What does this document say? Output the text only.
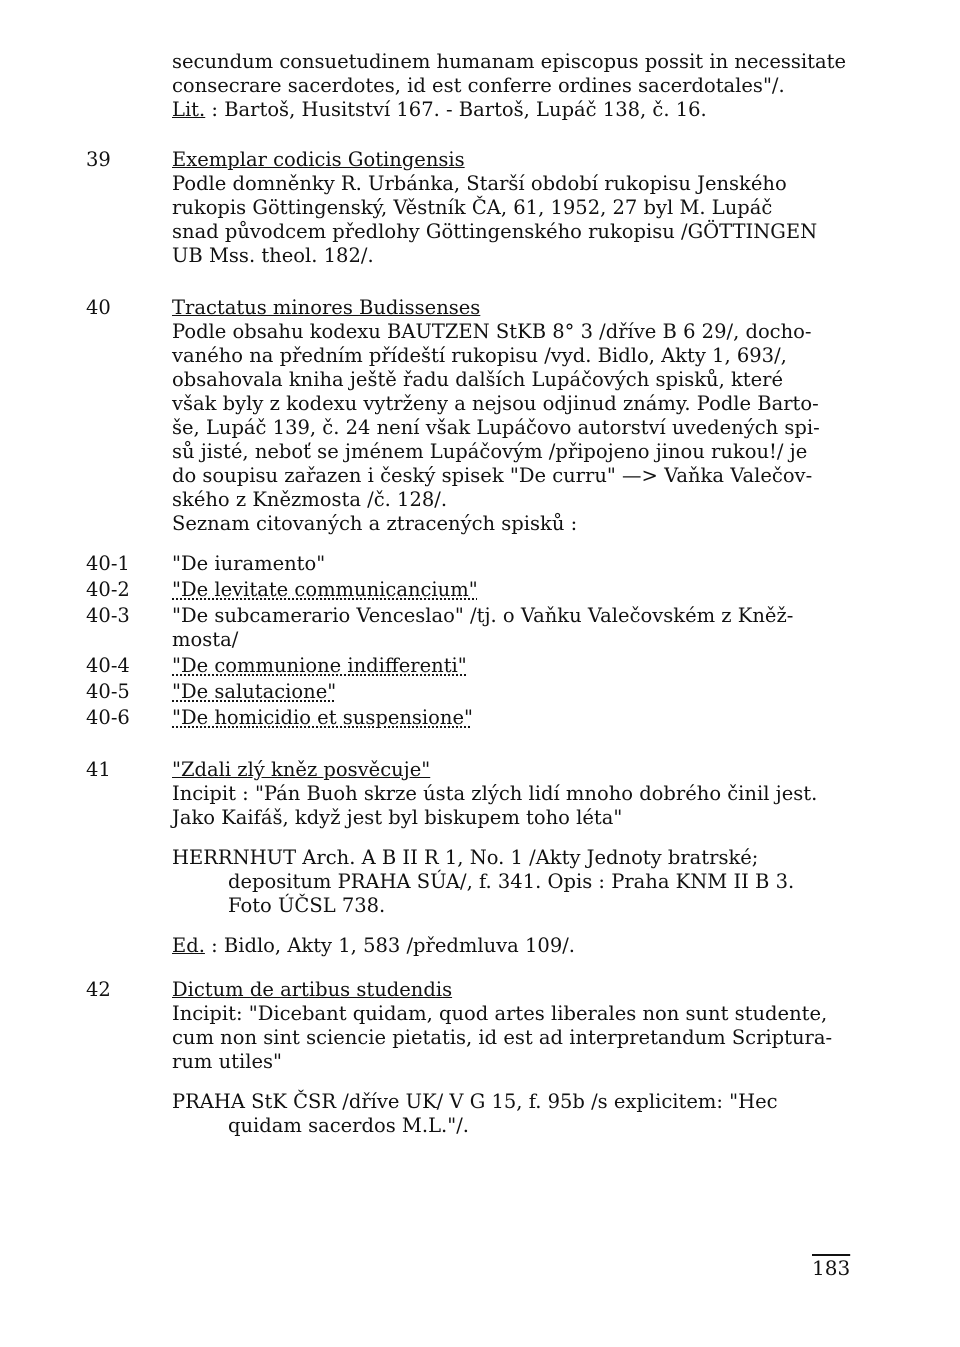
secundum consuetudinem humanam episcopus possit in necessitate
consecrare sacerdotes, id est conferre ordines sacerdotales"/.
Lit. : Bartoš, Husitství 167. - Bartoš, Lupáč 138, č. 16.
39	Exemplar codicis Gotingensis
Podle domněnky R. Urbánka, Starší období rukopisu Jenského
rukopis Göttingenský, Věstník ČA, 61, 1952, 27 byl M. Lupáč
snad původcem předlohy Göttingenského rukopisu /GÖTTINGEN
UB Mss. theol. 182/.
40	Tractatus minores Budissenses
Podle obsahu kodexu BAUTZEN StKB 8° 3 /dříve B 6 29/, docho-
vaného na předním přídeští rukopisu /vyd. Bidlo, Akty 1, 693/,
obsahovala kniha ještě řadu dalších Lupáčových spisků, které
však byly z kodexu vytrženy a nejsou odjinud známy. Podle Barto-
še, Lupáč 139, č. 24 není však Lupáčovo autorství uvedených spi-
sů jisté, neboť se jménem Lupáčovým /připojeno jinou rukou!/ je
do soupisu zařazen i český spisek "De curru" —> Vaňka Valečov-
ského z Knězmosta /č. 128/.
Seznam citovaných a ztracených spisků :
40-1 "De iuramento"
40-2 "De levitate communicancium"
40-3 "De subcamerario Venceslao" /tj. o Vaňku Valečovském z Kněž-
mosta/
40-4 "De communione indifferenti"
40-5 "De salutacione"
40-6 "De homicidio et suspensione"
41	"Zdali zlý kněz posvěcuje"
Incipit : "Pán Buoh skrze ústa zlých lidí mnoho dobrého činil jest.
Jako Kaifáš, když jest byl biskupem toho léta"
HERRNHUT Arch. A B II R 1, No. 1 /Akty Jednoty bratrské;
depositum PRAHA SÚA/, f. 341. Opis : Praha KNM II B 3.
Foto ÚČSL 738.
Ed. : Bidlo, Akty 1, 583 /předmluva 109/.
42	Dictum de artibus studendis
Incipit: "Dicebant quidam, quod artes liberales non sunt studente,
cum non sint sciencie pietatis, id est ad interpretandum Scriptura-
rum utiles"
PRAHA StK ČSR /dříve UK/ V G 15, f. 95b /s explicitem: "Hec
quidam sacerdos M.L."/.
183
